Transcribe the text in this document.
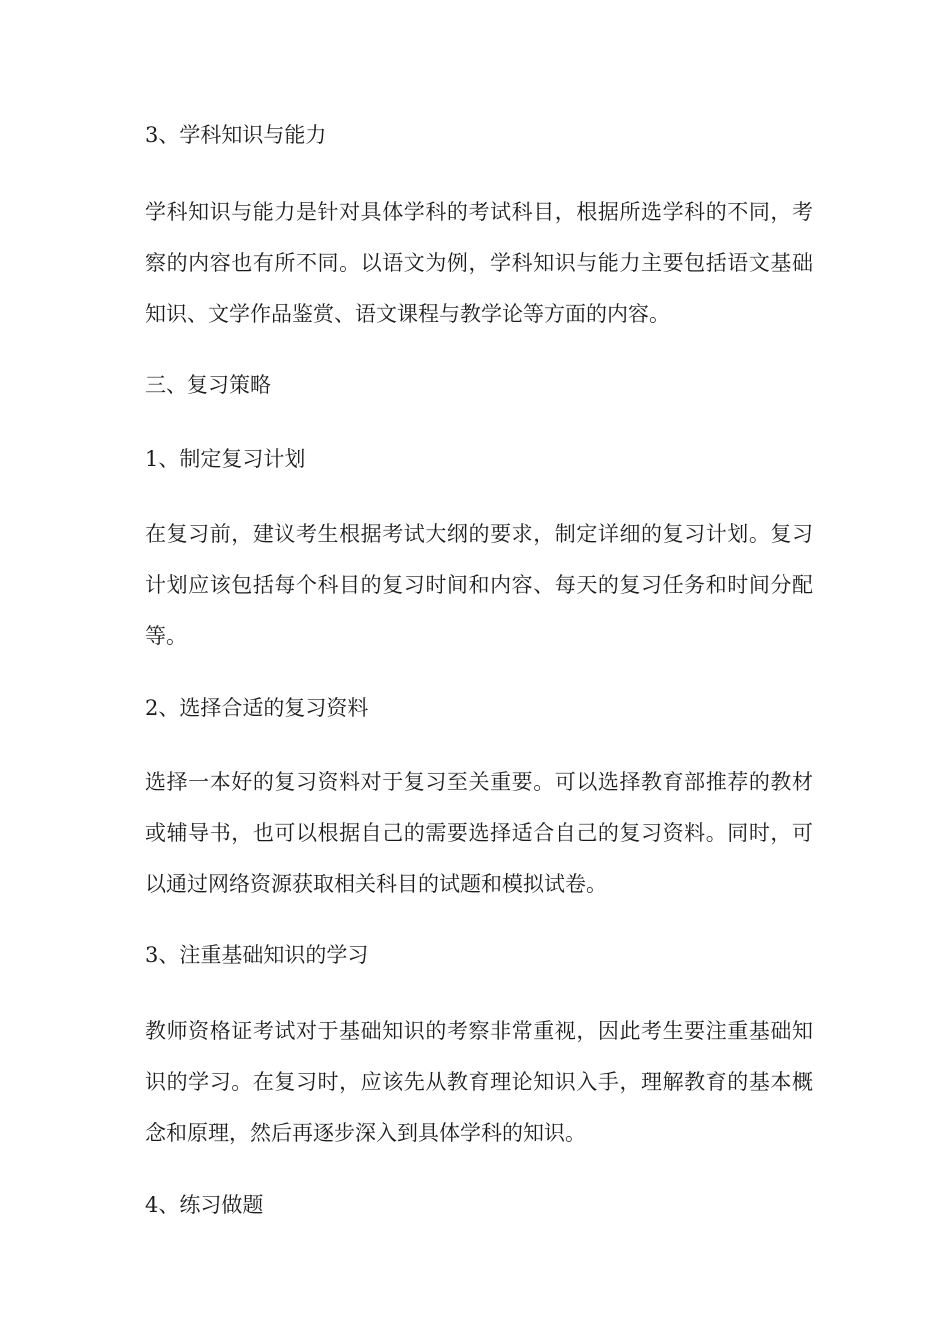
3、学科知识与能力

学科知识与能力是针对具体学科的考试科目，根据所选学科的不同，考察的内容也有所不同。以语文为例，学科知识与能力主要包括语文基础知识、文学作品鉴赏、语文课程与教学论等方面的内容。

三、复习策略

1、制定复习计划

在复习前，建议考生根据考试大纲的要求，制定详细的复习计划。复习计划应该包括每个科目的复习时间和内容、每天的复习任务和时间分配等。

2、选择合适的复习资料

选择一本好的复习资料对于复习至关重要。可以选择教育部推荐的教材或辅导书，也可以根据自己的需要选择适合自己的复习资料。同时，可以通过网络资源获取相关科目的试题和模拟试卷。

3、注重基础知识的学习

教师资格证考试对于基础知识的考察非常重视，因此考生要注重基础知识的学习。在复习时，应该先从教育理论知识入手，理解教育的基本概念和原理，然后再逐步深入到具体学科的知识。

4、练习做题
